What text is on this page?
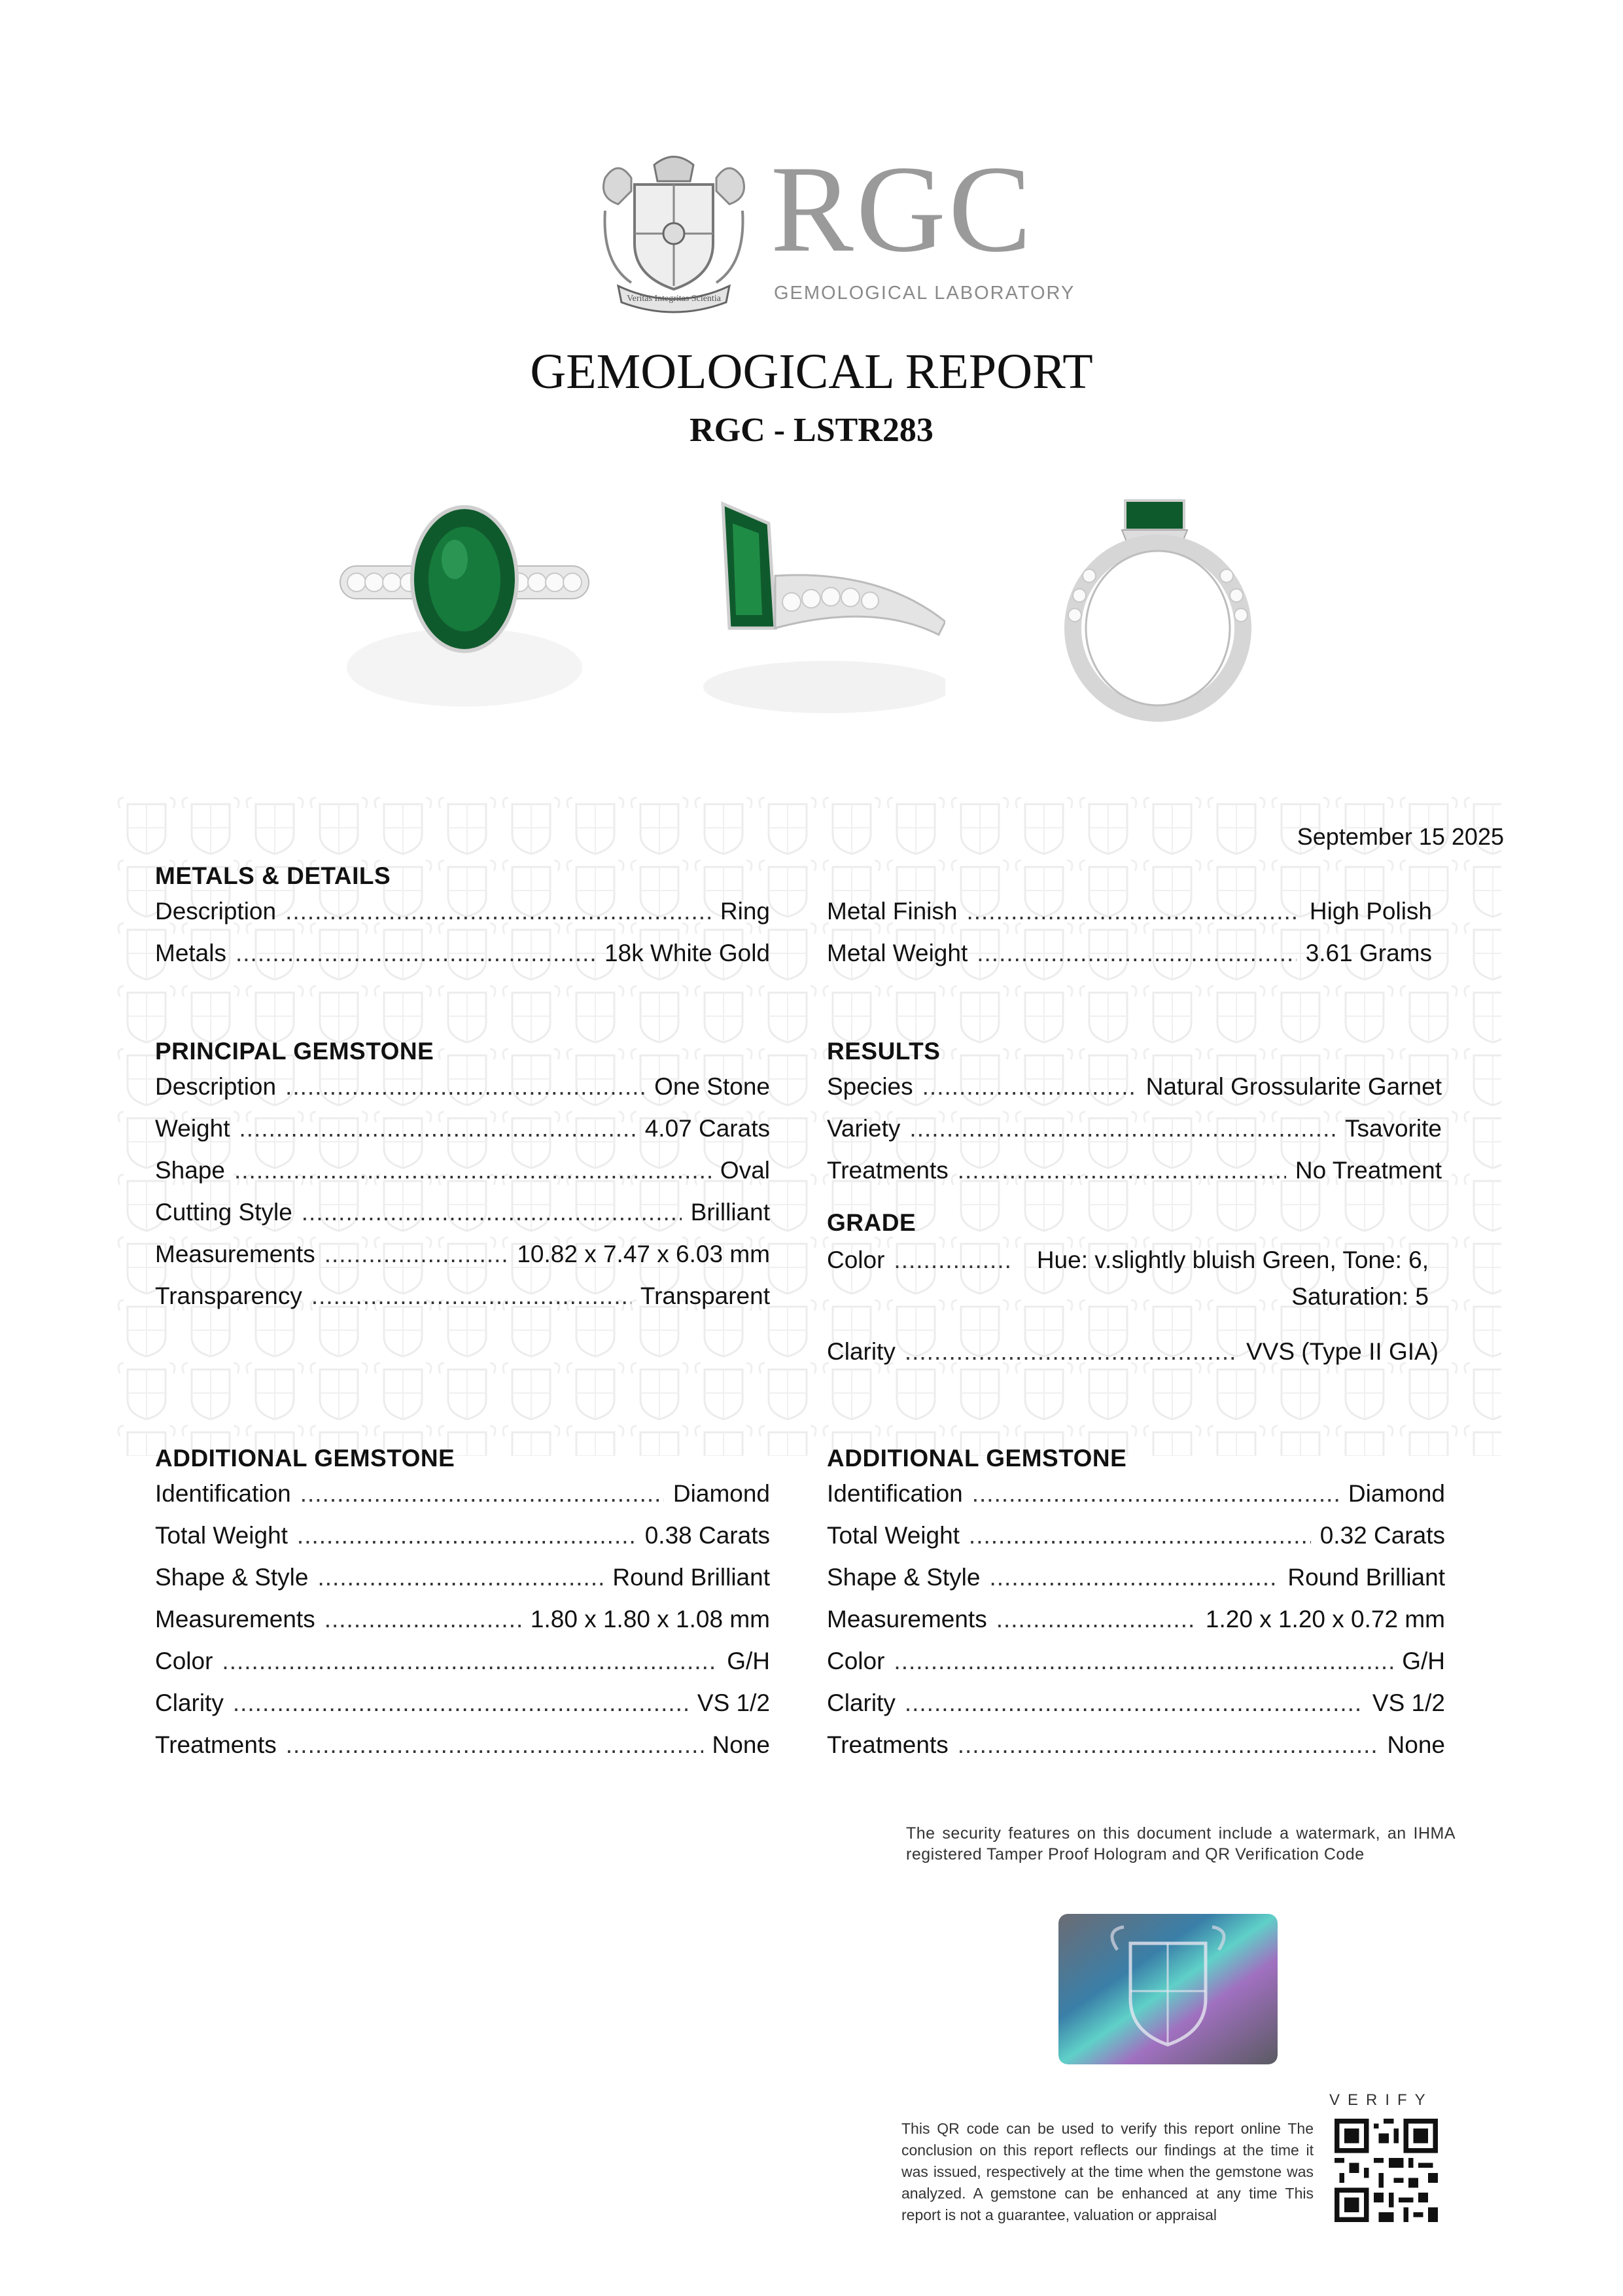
Veritas Integritas Scientia
RGC
GEMOLOGICAL LABORATORY
GEMOLOGICAL REPORT
RGC - LSTR283
September 15 2025
METALS & DETAILS
Description .....	Ring
Metals .....	18k White Gold
Metal Finish .....	High Polish
Metal Weight .....	3.61 Grams
PRINCIPAL GEMSTONE
Description .....	One Stone
Weight .....	4.07 Carats
Shape .....	Oval
Cutting Style .....	Brilliant
Measurements .....	10.82 x 7.47 x 6.03 mm
Transparency .....	Transparent
RESULTS
Species .....	Natural Grossularite Garnet
Variety .....	Tsavorite
Treatments .....	No Treatment
GRADE
Color .....	Hue: v.slightly bluish Green, Tone: 6,
Saturation: 5
Clarity .....	VVS (Type II GIA)
ADDITIONAL GEMSTONE
Identification .....	Diamond
Total Weight .....	0.38 Carats
Shape & Style .....	Round Brilliant
Measurements .....	1.80 x 1.80 x 1.08 mm
Color .....	G/H
Clarity .....	VS 1/2
Treatments .....	None
ADDITIONAL GEMSTONE
Identification .....	Diamond
Total Weight .....	0.32 Carats
Shape & Style .....	Round Brilliant
Measurements .....	1.20 x 1.20 x 0.72 mm
Color .....	G/H
Clarity .....	VS 1/2
Treatments .....	None
The security features on this document include a watermark, an IHMA registered Tamper Proof Hologram and QR Verification Code
VERIFY
This QR code can be used to verify this report online The conclusion on this report reflects our findings at the time it was issued, respectively at the time when the gemstone was analyzed. A gemstone can be enhanced at any time This report is not a guarantee, valuation or appraisal
